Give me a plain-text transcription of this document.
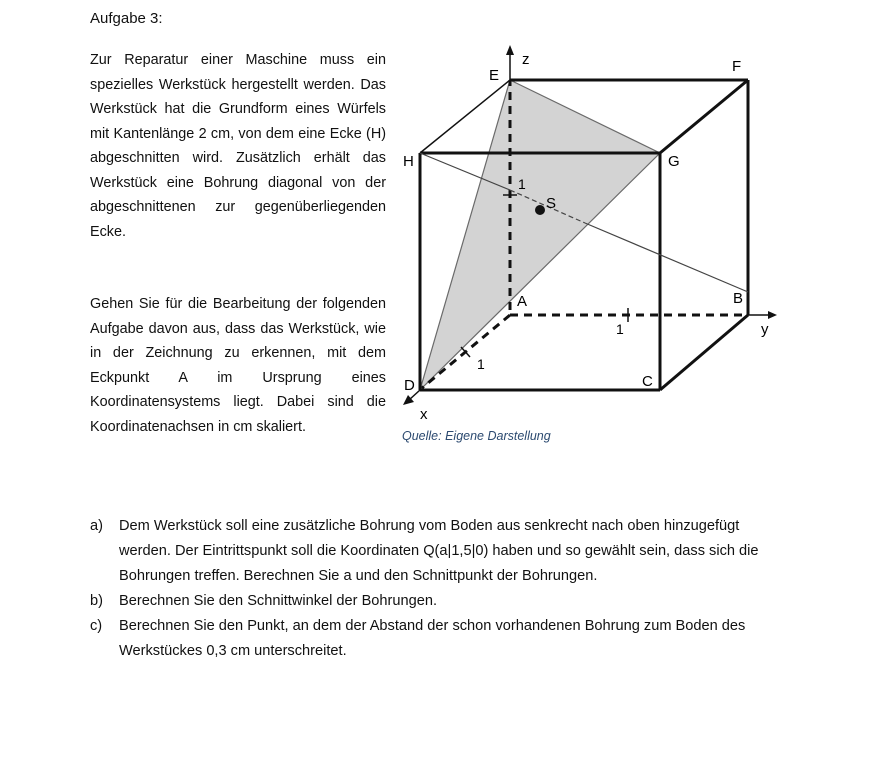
Aufgabe 3:

Zur Reparatur einer Maschine muss ein spezielles Werkstück hergestellt werden. Das Werkstück hat die Grundform eines Würfels mit Kantenlänge 2 cm, von dem eine Ecke (H) abgeschnitten wird. Zusätzlich erhält das Werkstück eine Bohrung diagonal von der abgeschnittenen zur gegenüberliegenden Ecke.

Gehen Sie für die Bearbeitung der folgenden Aufgabe davon aus, dass das Werkstück, wie in der Zeichnung zu erkennen, mit dem Eckpunkt A im Ursprung eines Koordinatensystems liegt. Dabei sind die Koordinatenachsen in cm skaliert.

E
F
G
H
S
A	B
C
D
z
y
x
1
1
1
Quelle: Eigene Darstellung
a) Dem Werkstück soll eine zusätzliche Bohrung vom Boden aus senkrecht nach oben hinzugefügt werden. Der Eintrittspunkt soll die Koordinaten Q(a|1,5|0) haben und so gewählt sein, dass sich die Bohrungen treffen. Berechnen Sie a und den Schnittpunkt der Bohrungen.
b) Berechnen Sie den Schnittwinkel der Bohrungen.
c) Berechnen Sie den Punkt, an dem der Abstand der schon vorhandenen Bohrung zum Boden des Werkstückes 0,3 cm unterschreitet.
